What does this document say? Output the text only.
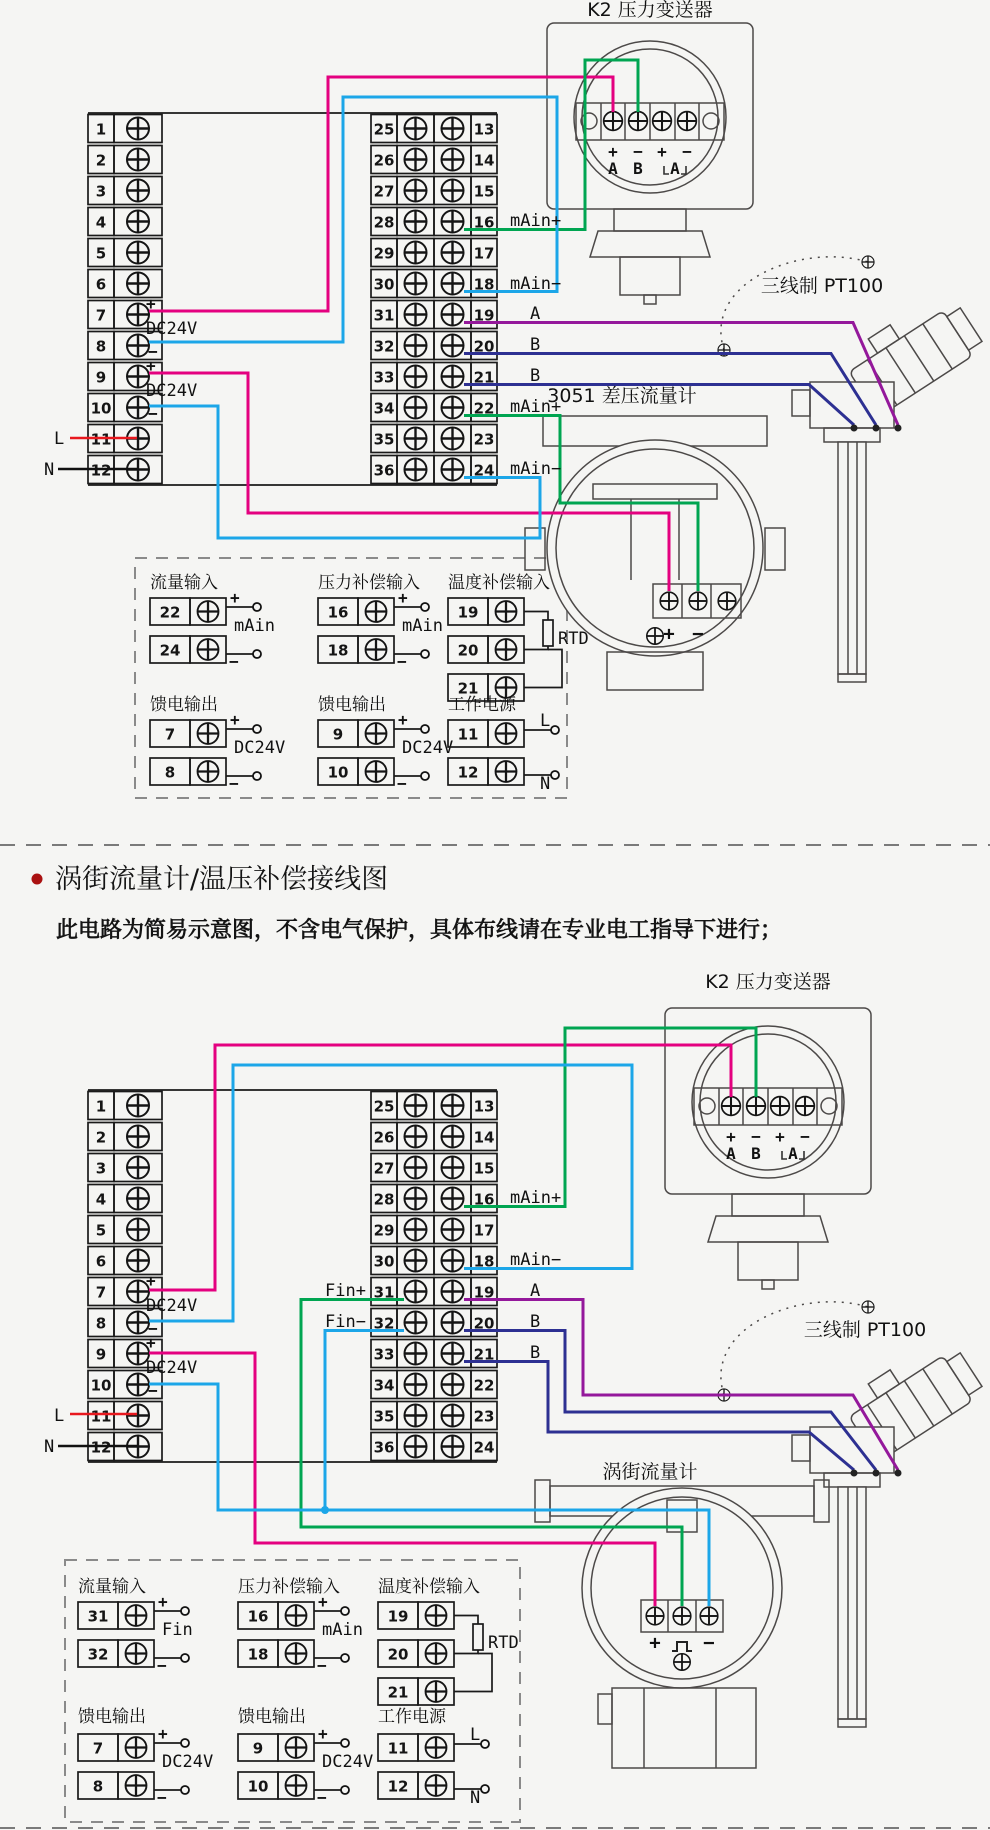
1
2
3
4
5
6
7
8
9
10
11
12
25	13
26	14
27	15
28	16
29	17
30	18
31	19
32	20
33	21
34	22
35	23
36	24
流量输入
22
24
+
mAin
−
压力补偿输入
16
18
+
mAin
−
温度补偿输入
19
20
21
RTD
馈电输出
7
8
+
DC24V
−
馈电输出
9
10
+
DC24V
−
工作电源
11
12
L
N
K2 压力变送器
三线制 PT100
3051 差压流量计
+ − + −
A B A
+ −
+
DC24V
−
+
DC24V
−
L
N
mAin+
mAin−
A
B
B
mAin+
mAin−
涡街流量计/温压补偿接线图
此电路为简易示意图，不含电气保护，具体布线请在专业电工指导下进行；
1
2
3
4
5
6
7
8
9
10
11
12
25	13
26	14
27	15
28	16
29	17
30	18
31	19
32	20
33	21
34	22
35	23
36	24
流量输入
31
32
+
Fin
−
压力补偿输入
16
18
+
mAin
−
温度补偿输入
19
20
21
RTD
馈电输出
7
8
+
DC24V
−
馈电输出
9
10
+
DC24V
−
工作电源
11
12
L
N
K2 压力变送器
三线制 PT100
涡街流量计
+ − + −
A B A
+ −
+
DC24V
−
+
DC24V
−
L
N
mAin+
mAin−
A
B
B
Fin+
Fin−
